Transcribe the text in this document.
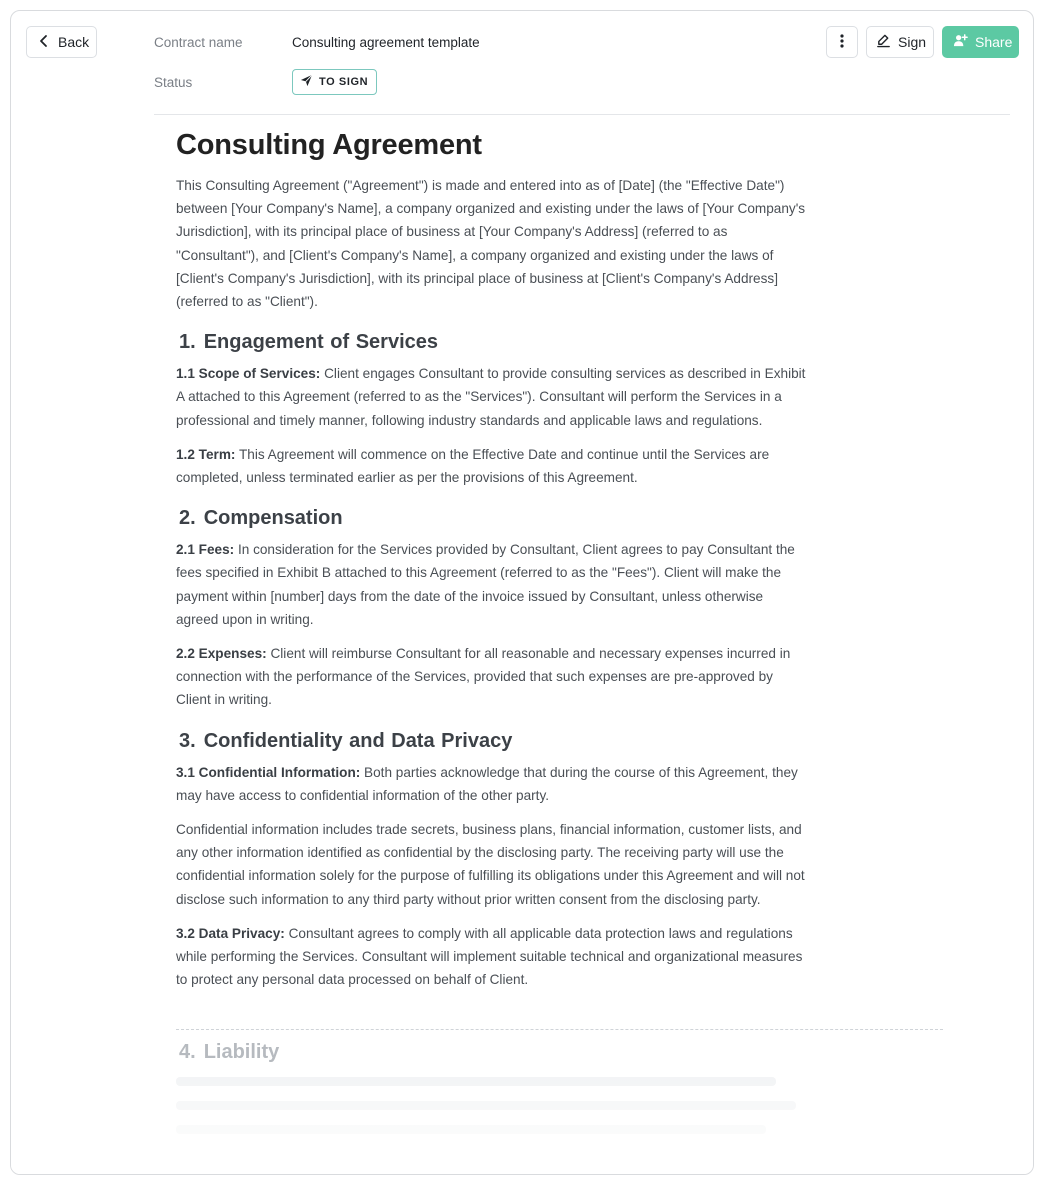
Back	Contract name	Consulting agreement template
Status	TO SIGN
Sign	Share
Consulting Agreement

This Consulting Agreement ("Agreement") is made and entered into as of [Date] (the "Effective Date") between [Your Company's Name], a company organized and existing under the laws of [Your Company's Jurisdiction], with its principal place of business at [Your Company's Address] (referred to as "Consultant"), and [Client's Company's Name], a company organized and existing under the laws of [Client's Company's Jurisdiction], with its principal place of business at [Client's Company's Address] (referred to as "Client").

1. Engagement of Services

1.1 Scope of Services: Client engages Consultant to provide consulting services as described in Exhibit A attached to this Agreement (referred to as the "Services"). Consultant will perform the Services in a professional and timely manner, following industry standards and applicable laws and regulations.

1.2 Term: This Agreement will commence on the Effective Date and continue until the Services are completed, unless terminated earlier as per the provisions of this Agreement.

2. Compensation

2.1 Fees: In consideration for the Services provided by Consultant, Client agrees to pay Consultant the fees specified in Exhibit B attached to this Agreement (referred to as the "Fees"). Client will make the payment within [number] days from the date of the invoice issued by Consultant, unless otherwise agreed upon in writing.

2.2 Expenses: Client will reimburse Consultant for all reasonable and necessary expenses incurred in connection with the performance of the Services, provided that such expenses are pre-approved by Client in writing.

3. Confidentiality and Data Privacy

3.1 Confidential Information: Both parties acknowledge that during the course of this Agreement, they may have access to confidential information of the other party.

Confidential information includes trade secrets, business plans, financial information, customer lists, and any other information identified as confidential by the disclosing party. The receiving party will use the confidential information solely for the purpose of fulfilling its obligations under this Agreement and will not disclose such information to any third party without prior written consent from the disclosing party.

3.2 Data Privacy: Consultant agrees to comply with all applicable data protection laws and regulations while performing the Services. Consultant will implement suitable technical and organizational measures to protect any personal data processed on behalf of Client.

4. Liability
